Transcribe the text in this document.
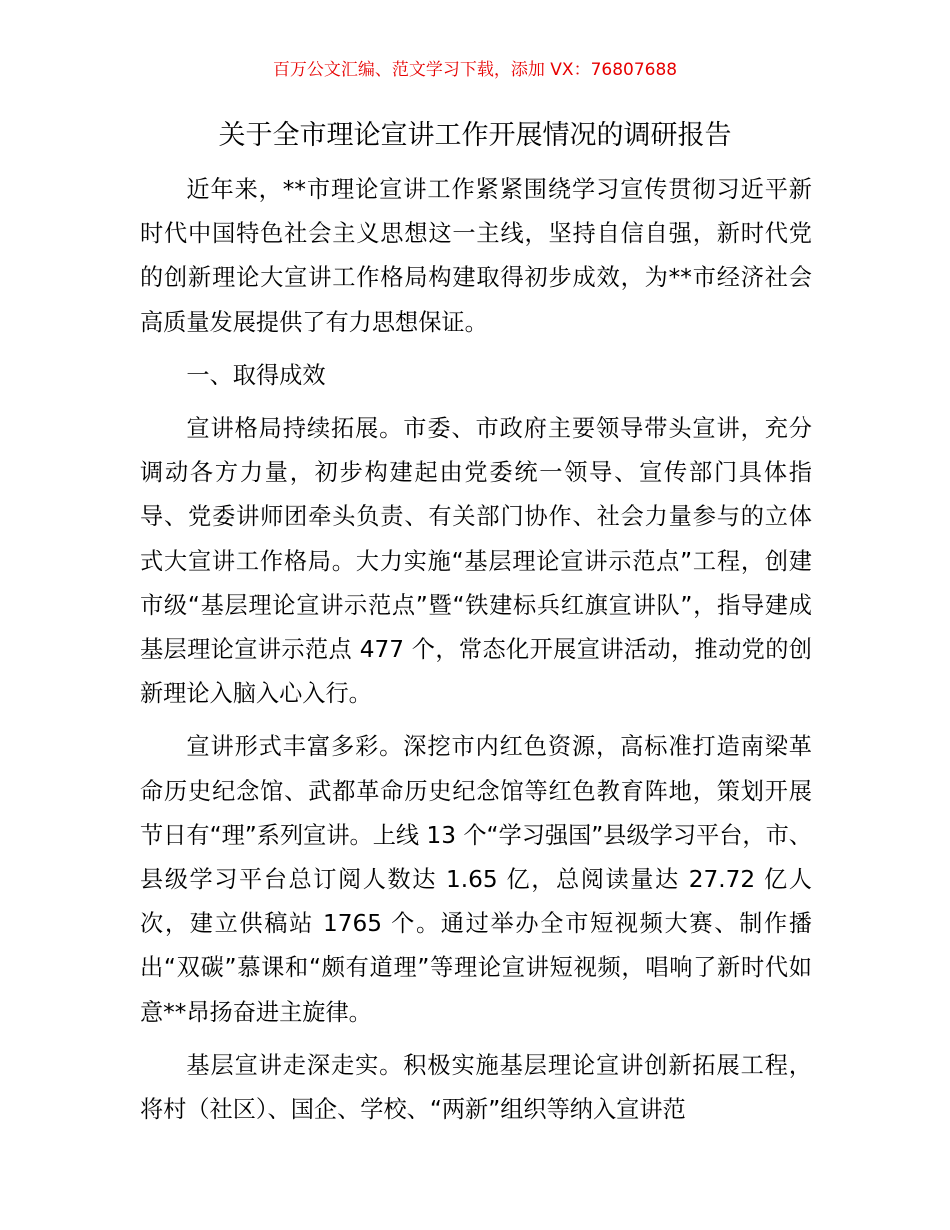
百万公文汇编、范文学习下载，添加 VX：76807688
关于全市理论宣讲工作开展情况的调研报告

近年来，**市理论宣讲工作紧紧围绕学习宣传贯彻习近平新时代中国特色社会主义思想这一主线，坚持自信自强，新时代党的创新理论大宣讲工作格局构建取得初步成效，为**市经济社会高质量发展提供了有力思想保证。

一、取得成效

宣讲格局持续拓展。市委、市政府主要领导带头宣讲，充分调动各方力量，初步构建起由党委统一领导、宣传部门具体指导、党委讲师团牵头负责、有关部门协作、社会力量参与的立体式大宣讲工作格局。大力实施“基层理论宣讲示范点”工程，创建市级“基层理论宣讲示范点”暨“铁建标兵红旗宣讲队”，指导建成基层理论宣讲示范点 477 个，常态化开展宣讲活动，推动党的创新理论入脑入心入行。

宣讲形式丰富多彩。深挖市内红色资源，高标准打造南梁革命历史纪念馆、武都革命历史纪念馆等红色教育阵地，策划开展节日有“理”系列宣讲。上线 13 个“学习强国”县级学习平台，市、县级学习平台总订阅人数达 1.65 亿，总阅读量达 27.72 亿人次，建立供稿站 1765 个。通过举办全市短视频大赛、制作播出“双碳”慕课和“颇有道理”等理论宣讲短视频，唱响了新时代如意**昂扬奋进主旋律。

基层宣讲走深走实。积极实施基层理论宣讲创新拓展工程，将村（社区）、国企、学校、“两新”组织等纳入宣讲范
